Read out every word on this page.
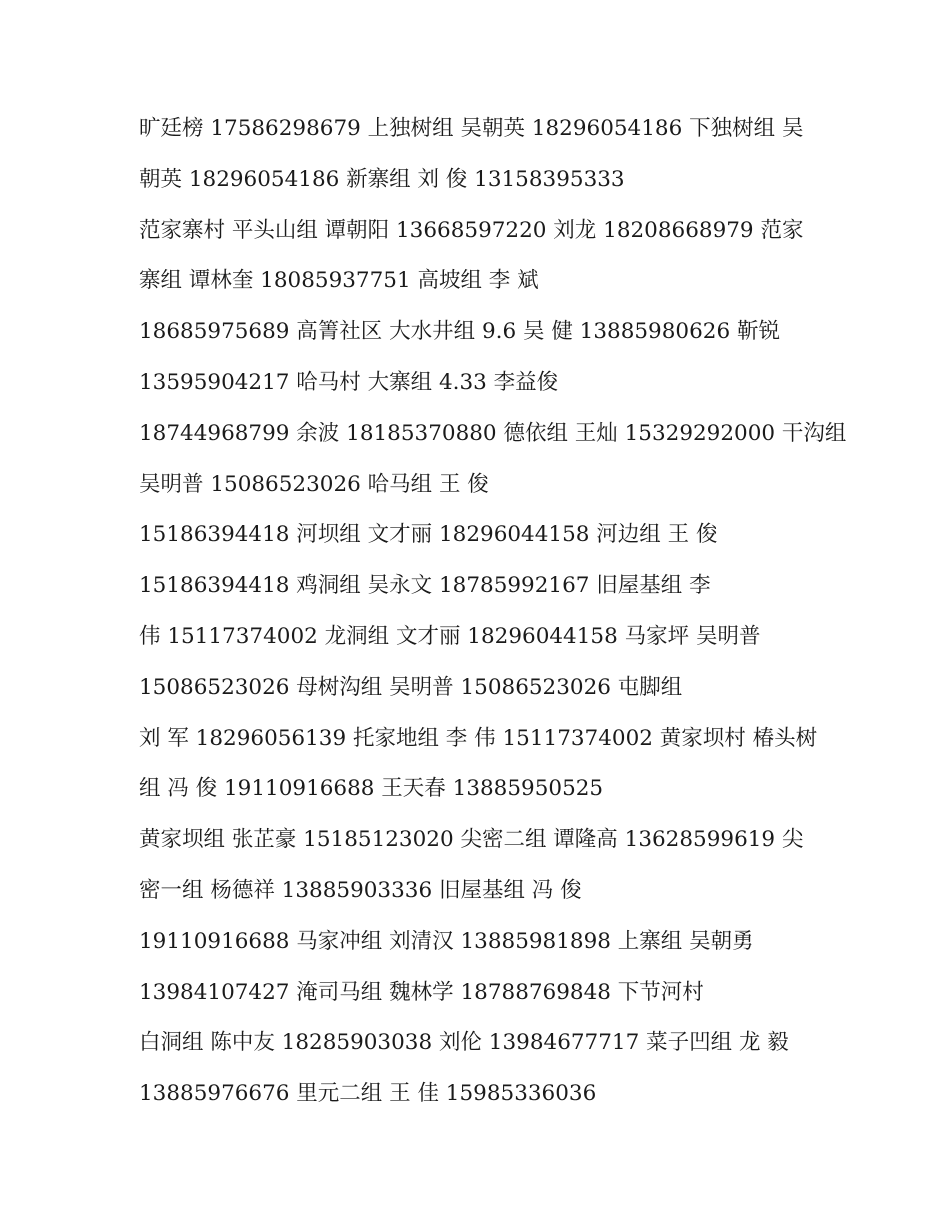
旷廷榜 17586298679 上独树组 吴朝英 18296054186 下独树组 吴
朝英 18296054186 新寨组 刘 俊 13158395333
范家寨村 平头山组 谭朝阳 13668597220 刘龙 18208668979 范家
寨组 谭林奎 18085937751 高坡组 李 斌
18685975689 高箐社区 大水井组 9.6 吴 健 13885980626 靳锐
13595904217 哈马村 大寨组 4.33 李益俊
18744968799 余波 18185370880 德依组 王灿 15329292000 干沟组
吴明普 15086523026 哈马组 王 俊
15186394418 河坝组 文才丽 18296044158 河边组 王 俊
15186394418 鸡洞组 吴永文 18785992167 旧屋基组 李
伟 15117374002 龙洞组 文才丽 18296044158 马家坪 吴明普
15086523026 母树沟组 吴明普 15086523026 屯脚组
刘 军 18296056139 托家地组 李 伟 15117374002 黄家坝村 椿头树
组 冯 俊 19110916688 王天春 13885950525
黄家坝组 张芷豪 15185123020 尖密二组 谭隆高 13628599619 尖
密一组 杨德祥 13885903336 旧屋基组 冯 俊
19110916688 马家冲组 刘清汉 13885981898 上寨组 吴朝勇
13984107427 淹司马组 魏林学 18788769848 下节河村
白洞组 陈中友 18285903038 刘伦 13984677717 菜子凹组 龙 毅
13885976676 里元二组 王 佳 15985336036
